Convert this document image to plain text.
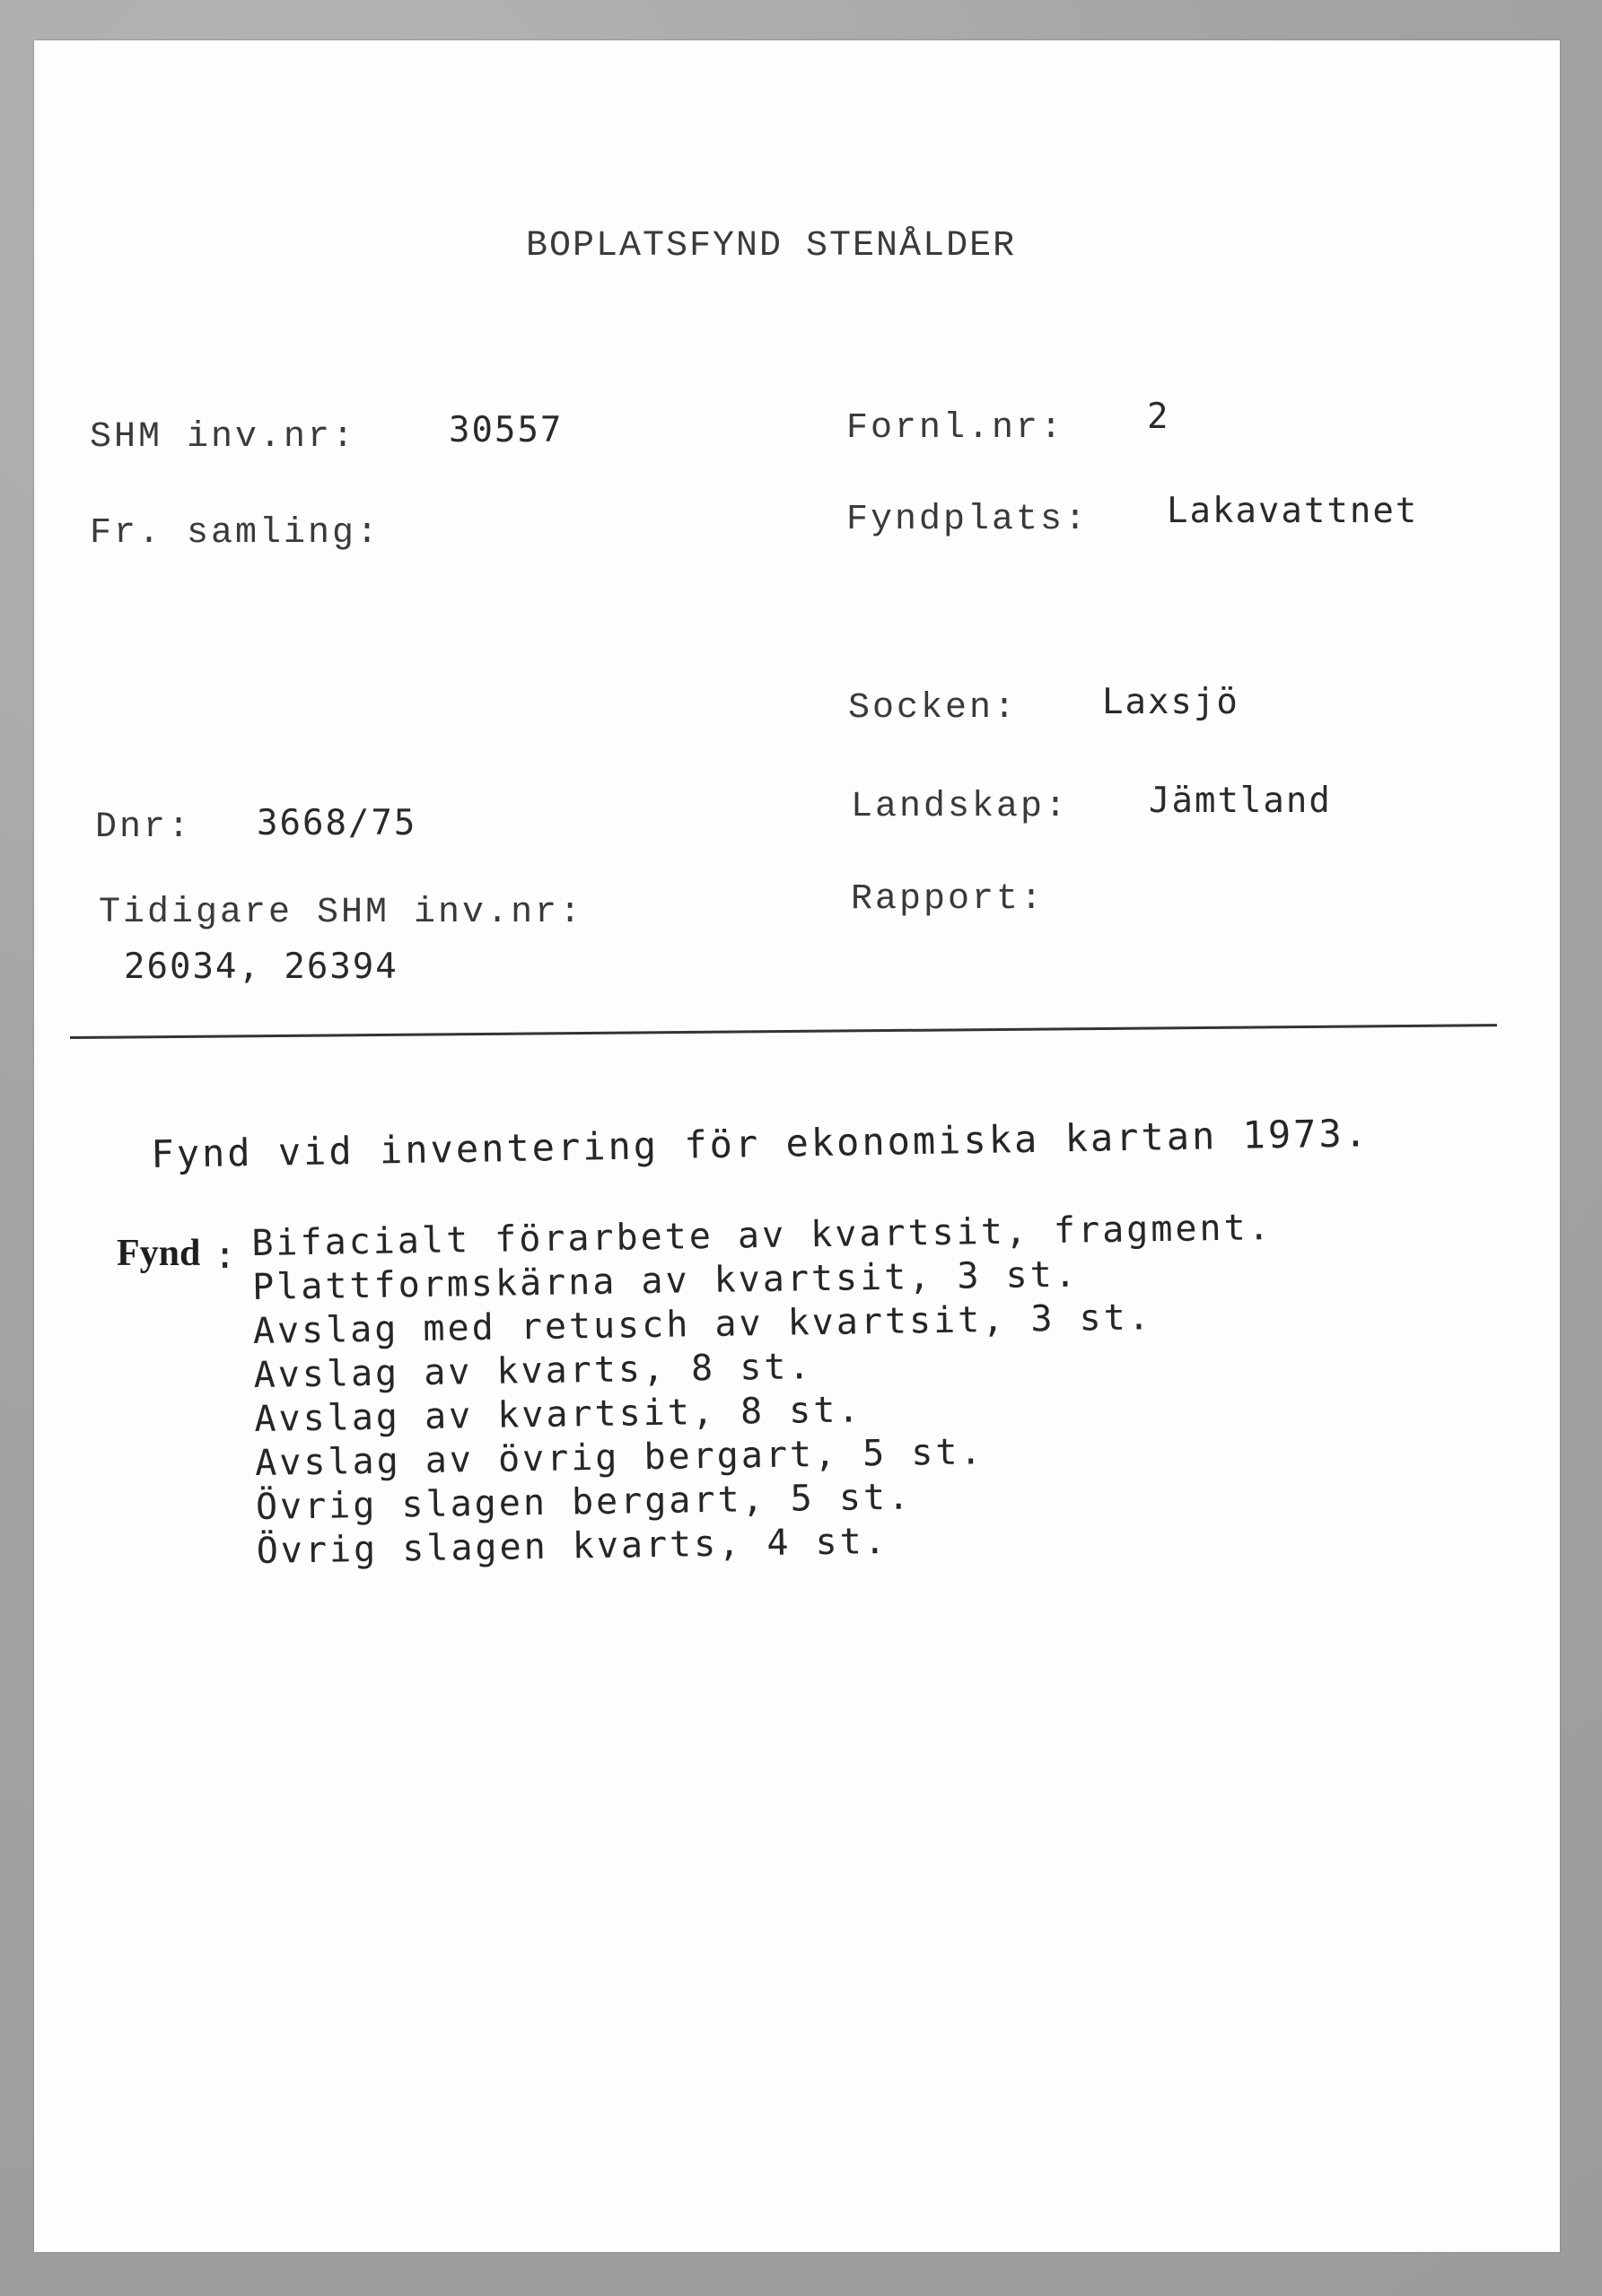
BOPLATSFYND STENÅLDER
SHM inv.nr:	30557
Fr. samling:
Dnr: 3668/75
Tidigare SHM inv.nr:
26034, 26394
Fornl.nr: 2
Fyndplats: Lakavattnet
Socken: Laxsjö
Landskap: Jämtland
Rapport:
Fynd vid inventering för ekonomiska kartan 1973.
Fynd : Bifacialt förarbete av kvartsit, fragment.
Plattformskärna av kvartsit, 3 st.
Avslag med retusch av kvartsit, 3 st.
Avslag av kvarts, 8 st.
Avslag av kvartsit, 8 st.
Avslag av övrig bergart, 5 st.
Övrig slagen bergart, 5 st.
Övrig slagen kvarts, 4 st.
